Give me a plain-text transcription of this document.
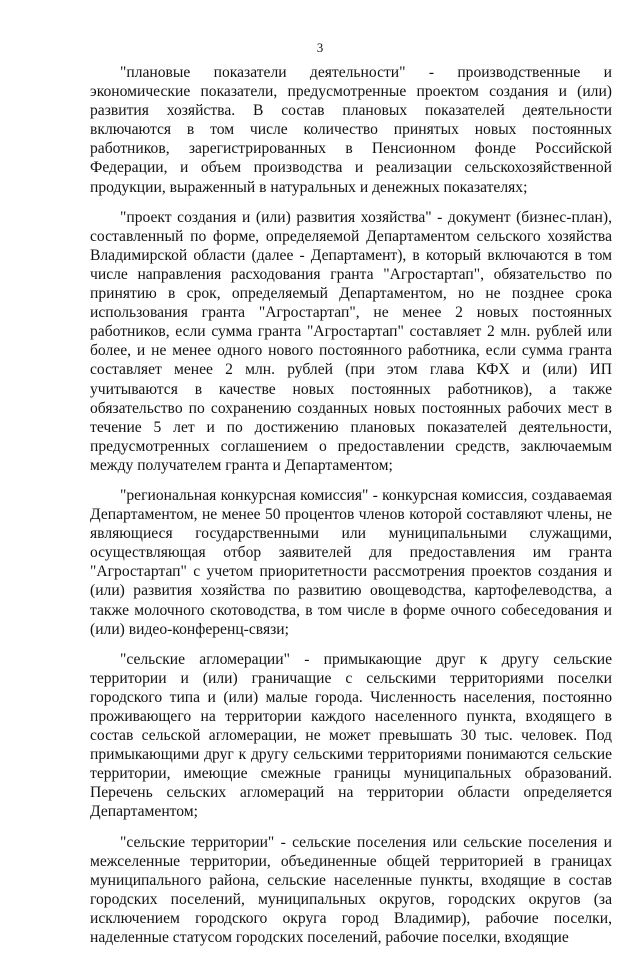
3

"плановые показатели деятельности" - производственные и экономические показатели, предусмотренные проектом создания и (или) развития хозяйства. В состав плановых показателей деятельности включаются в том числе количество принятых новых постоянных работников, зарегистрированных в Пенсионном фонде Российской Федерации, и объем производства и реализации сельскохозяйственной продукции, выраженный в натуральных и денежных показателях;

"проект создания и (или) развития хозяйства" - документ (бизнес-план), составленный по форме, определяемой Департаментом сельского хозяйства Владимирской области (далее - Департамент), в который включаются в том числе направления расходования гранта "Агростартап", обязательство по принятию в срок, определяемый Департаментом, но не позднее срока использования гранта "Агростартап", не менее 2 новых постоянных работников, если сумма гранта "Агростартап" составляет 2 млн. рублей или более, и не менее одного нового постоянного работника, если сумма гранта составляет менее 2 млн. рублей (при этом глава КФХ и (или) ИП учитываются в качестве новых постоянных работников), а также обязательство по сохранению созданных новых постоянных рабочих мест в течение 5 лет и по достижению плановых показателей деятельности, предусмотренных соглашением о предоставлении средств, заключаемым между получателем гранта и Департаментом;

"региональная конкурсная комиссия" - конкурсная комиссия, создаваемая Департаментом, не менее 50 процентов членов которой составляют члены, не являющиеся государственными или муниципальными служащими, осуществляющая отбор заявителей для предоставления им гранта "Агростартап" с учетом приоритетности рассмотрения проектов создания и (или) развития хозяйства по развитию овощеводства, картофелеводства, а также молочного скотоводства, в том числе в форме очного собеседования и (или) видео-конференц-связи;

"сельские агломерации" - примыкающие друг к другу сельские территории и (или) граничащие с сельскими территориями поселки городского типа и (или) малые города. Численность населения, постоянно проживающего на территории каждого населенного пункта, входящего в состав сельской агломерации, не может превышать 30 тыс. человек. Под примыкающими друг к другу сельскими территориями понимаются сельские территории, имеющие смежные границы муниципальных образований. Перечень сельских агломераций на территории области определяется Департаментом;

"сельские территории" - сельские поселения или сельские поселения и межселенные территории, объединенные общей территорией в границах муниципального района, сельские населенные пункты, входящие в состав городских поселений, муниципальных округов, городских округов (за исключением городского округа город Владимир), рабочие поселки, наделенные статусом городских поселений, рабочие поселки, входящие
